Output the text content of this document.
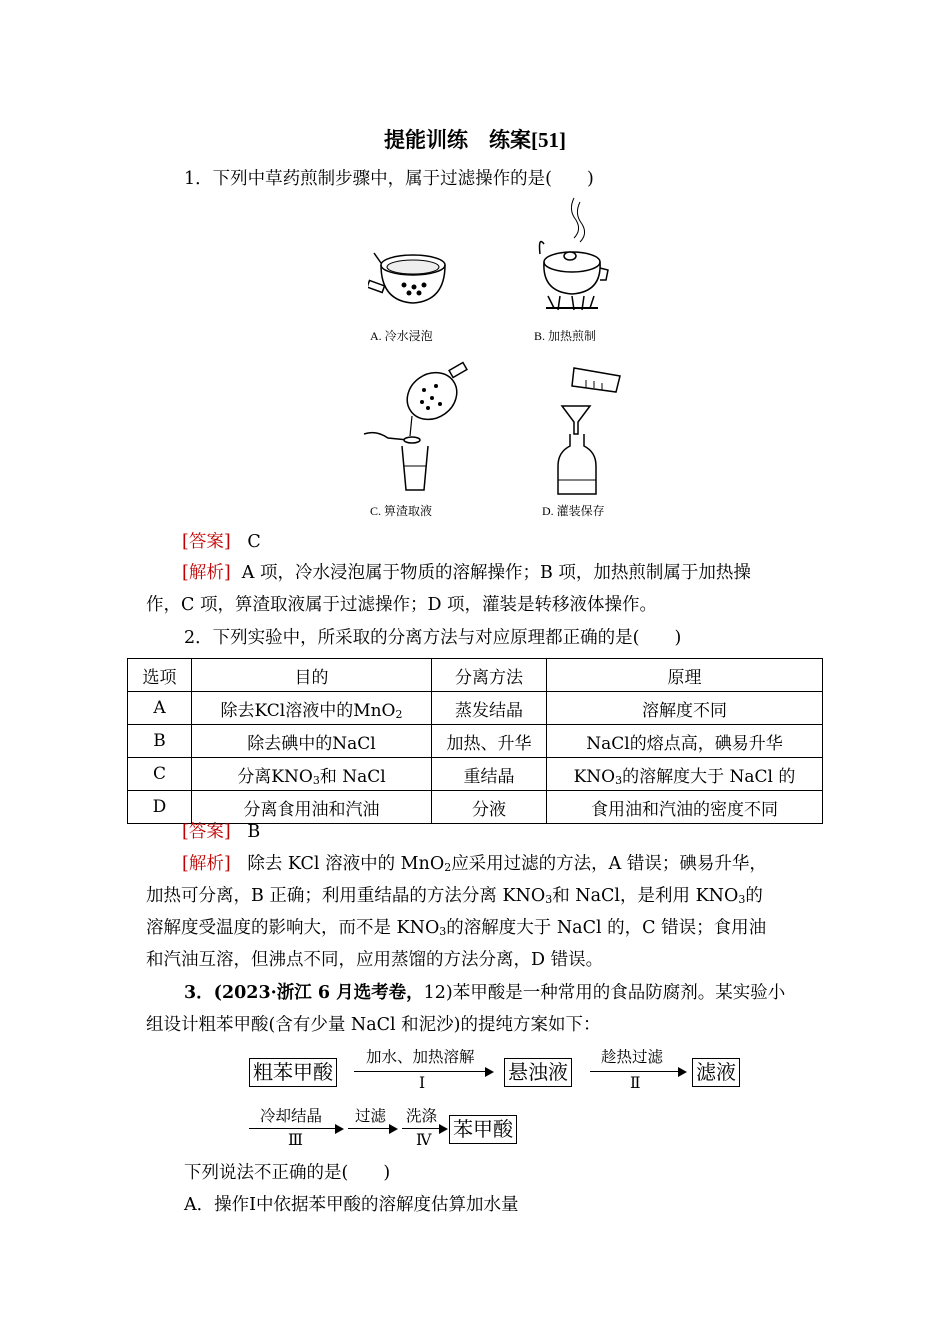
提能训练　练案[51]
1．下列中草药煎制步骤中，属于过滤操作的是(　　)
A. 冷水浸泡	B. 加热煎制
C. 箅渣取液	D. 灌装保存
[答案] C
[解析] A 项，冷水浸泡属于物质的溶解操作；B 项，加热煎制属于加热操
作，C 项，箅渣取液属于过滤操作；D 项，灌装是转移液体操作。
2．下列实验中，所采取的分离方法与对应原理都正确的是(　　)
选项	目的	分离方法	原理
A	除去KCl溶液中的MnO$_2$	蒸发结晶	溶解度不同
B	除去碘中的NaCl	加热、升华	NaCl的熔点高，碘易升华
C	分离$KNO_3$和 NaCl	重结晶	$KNO_3$的溶解度大于 NaCl 的
D	分离食用油和汽油	分液	食用油和汽油的密度不同
[答案] B
[解析] 除去 KCl 溶液中的 MnO$_2$应采用过滤的方法，A 错误；碘易升华，
加热可分离，B 正确；利用重结晶的方法分离 $KNO_3$和 NaCl，是利用 $KNO_3$的
溶解度受温度的影响大，而不是 $KNO_3$的溶解度大于 NaCl 的，C 错误；食用油
和汽油互溶，但沸点不同，应用蒸馏的方法分离，D 错误。
3．(2023·浙江 6 月选考卷，12)苯甲酸是一种常用的食品防腐剂。某实验小
组设计粗苯甲酸(含有少量 NaCl 和泥沙)的提纯方案如下：
粗苯甲酸
加水、加热溶解
Ⅰ	悬浊液
趁热过滤
Ⅱ	滤液
冷却结晶
Ⅲ
过滤 洗涤
Ⅳ 苯甲酸
下列说法不正确的是(　　)
A．操作Ⅰ中依据苯甲酸的溶解度估算加水量
